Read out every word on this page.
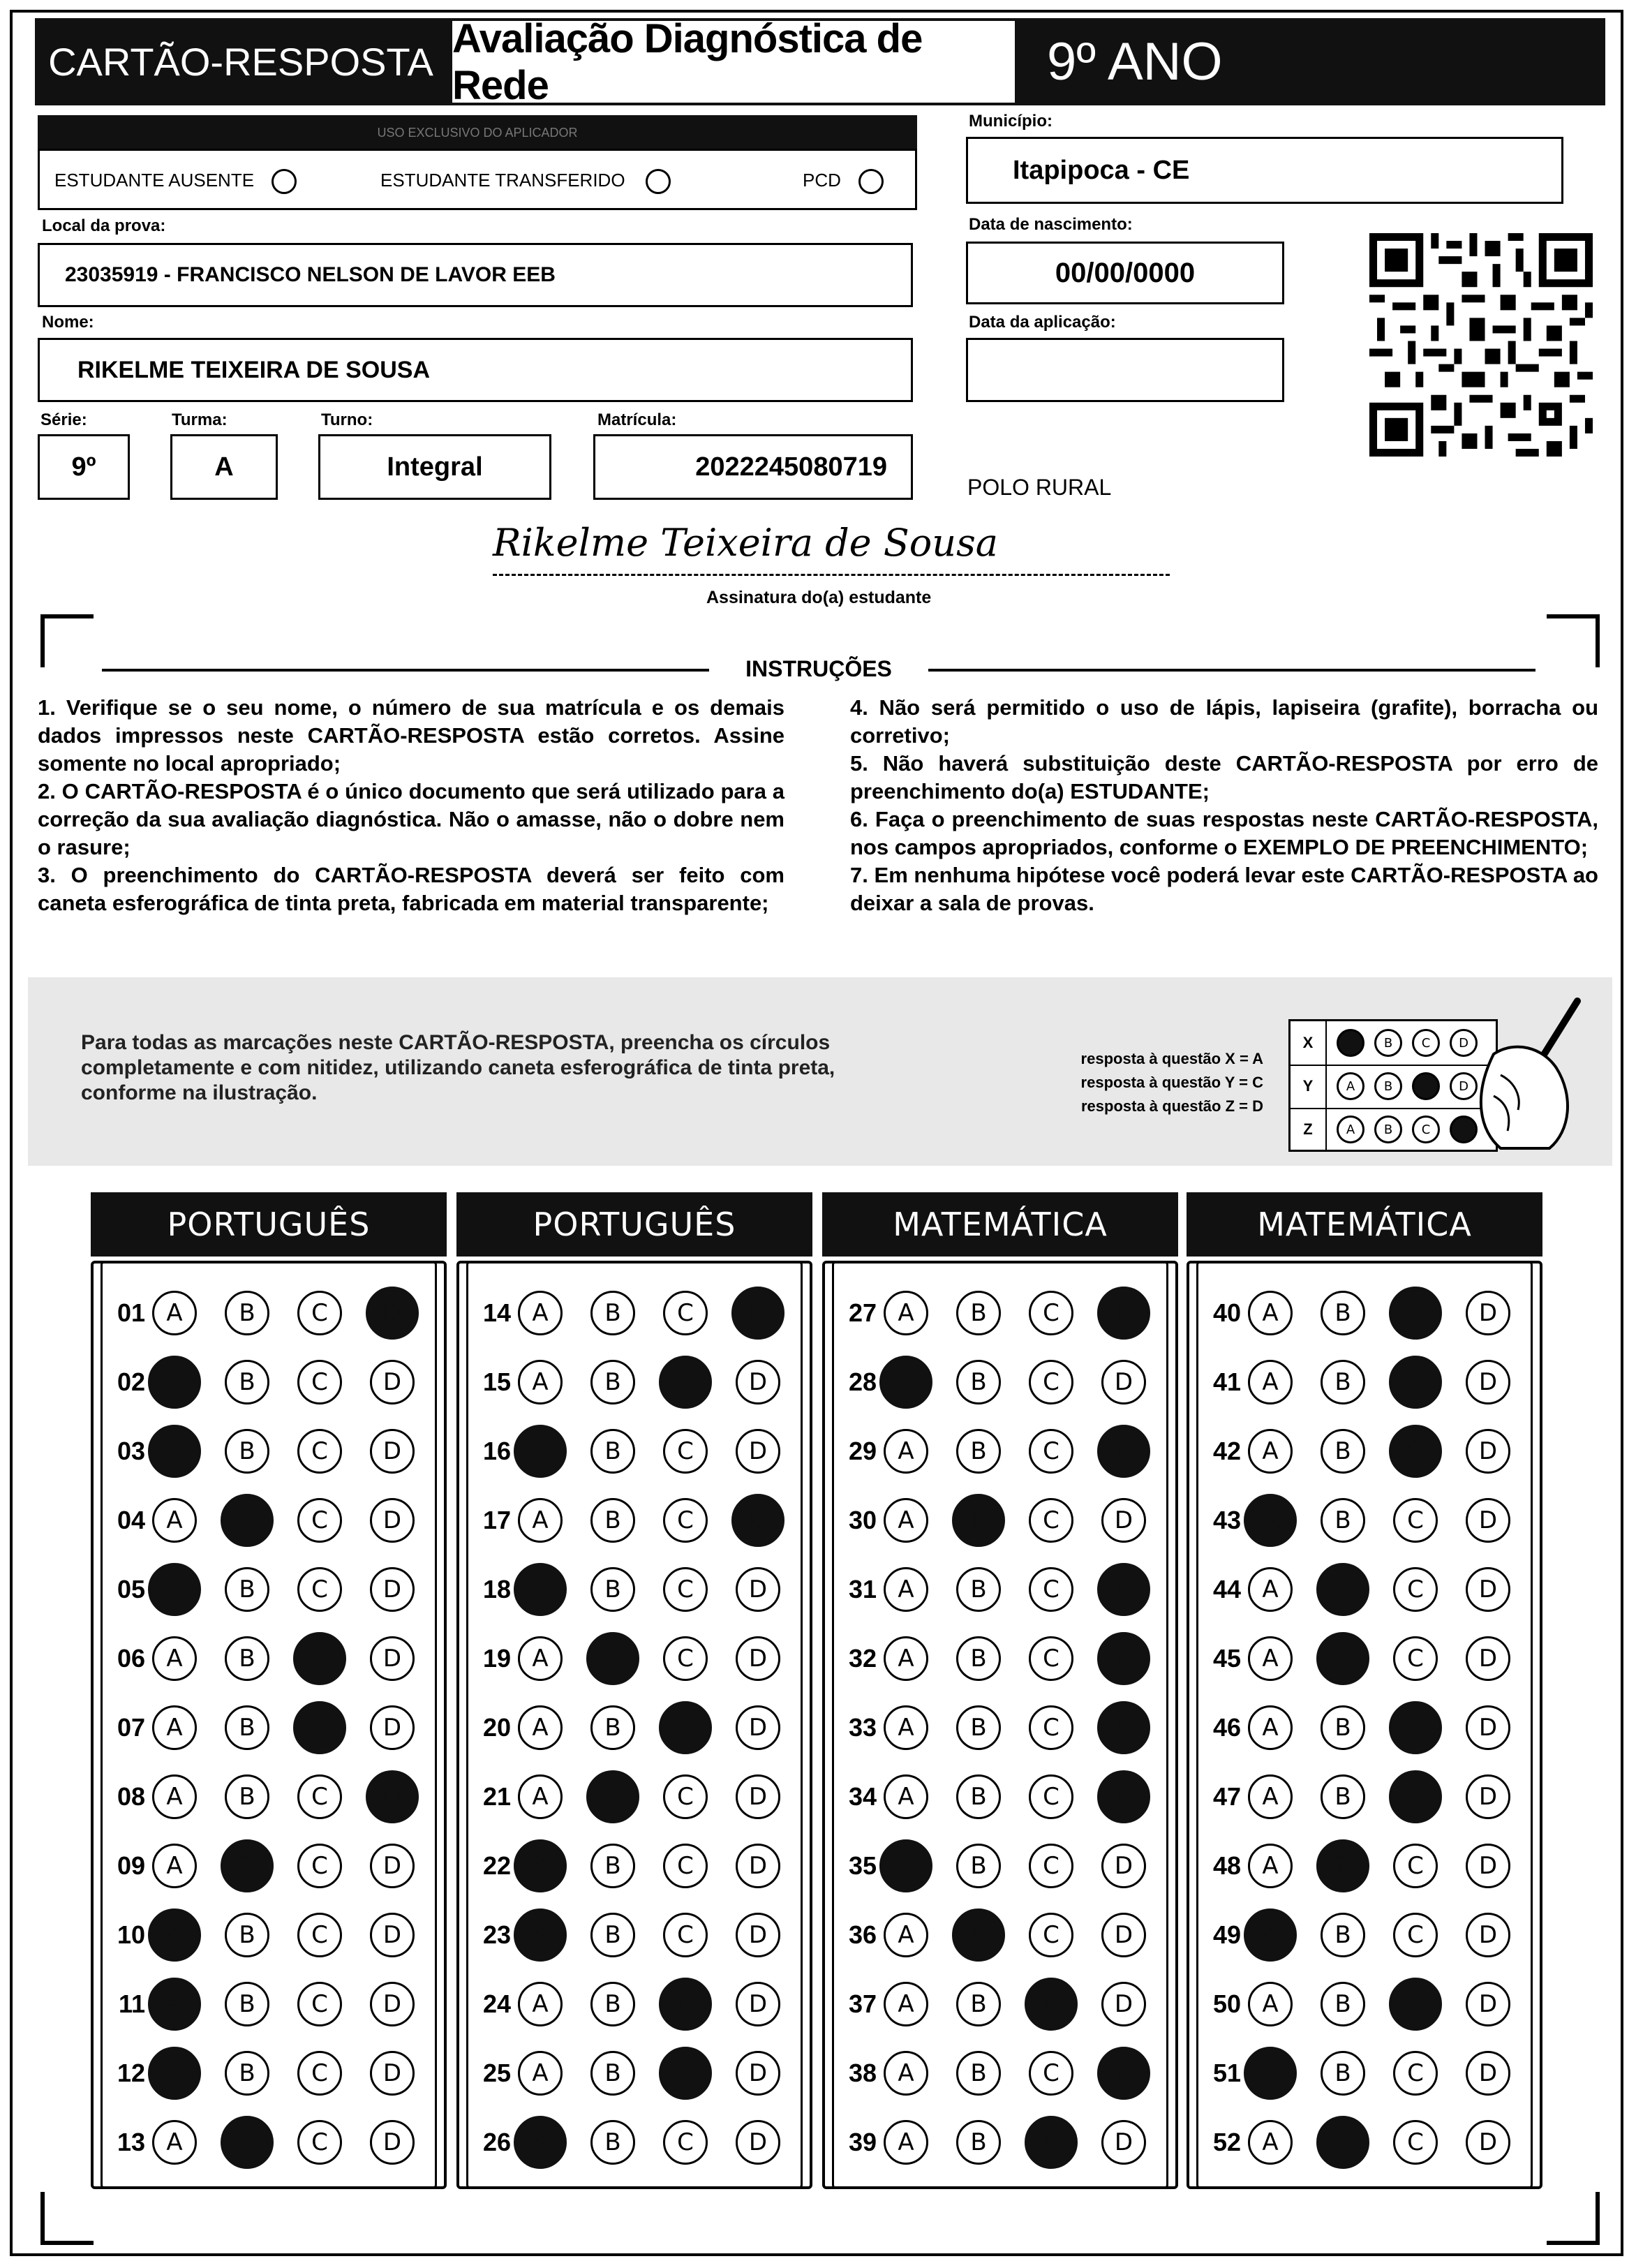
CARTÃO-RESPOSTA
Avaliação Diagnóstica de Rede	9º ANO
USO EXCLUSIVO DO APLICADOR
ESTUDANTE AUSENTE	ESTUDANTE TRANSFERIDO	PCD
Município:
Itapipoca - CE
Local da prova:
23035919 - FRANCISCO NELSON DE LAVOR EEB
Data de nascimento:
00/00/0000
Data da aplicação:
Nome:
RIKELME TEIXEIRA DE SOUSA
Série:
9º
Turma:
A
Turno:
Integral
Matrícula:
2022245080719
POLO RURAL
Rikelme Teixeira de Sousa
Assinatura do(a) estudante
INSTRUÇÕES

1. Verifique se o seu nome, o número de sua matrícula e os demais dados impressos neste CARTÃO-RESPOSTA estão corretos. Assine somente no local apropriado;

2. O CARTÃO-RESPOSTA é o único documento que será utilizado para a correção da sua avaliação diagnóstica. Não o amasse, não o dobre nem o rasure;

3. O preenchimento do CARTÃO-RESPOSTA deverá ser feito com caneta esferográfica de tinta preta, fabricada em material transparente;

4. Não será permitido o uso de lápis, lapiseira (grafite), borracha ou corretivo;

5. Não haverá substituição deste CARTÃO-RESPOSTA por erro de preenchimento do(a) ESTUDANTE;

6. Faça o preenchimento de suas respostas neste CARTÃO-RESPOSTA, nos campos apropriados, conforme o EXEMPLO DE PREENCHIMENTO;

7. Em nenhuma hipótese você poderá levar este CARTÃO-RESPOSTA ao deixar a sala de provas.

Para todas as marcações neste CARTÃO-RESPOSTA, preencha os círculos completamente e com nitidez, utilizando caneta esferográfica de tinta preta, conforme na ilustração.
resposta à questão X = A
resposta à questão Y = C
resposta à questão Z = D
X	A	B	C	D
Y	A	B	C	D
Z	A	B	C	D
PORTUGUÊS
01 A	B	C	D
02 A	B	C	D
03 A	B	C	D
04 A	B	C	D
05 A	B	C	D
06 A	B	C	D
07 A	B	C	D
08 A	B	C	D
09 A	B	C	D
10 A	B	C	D
11 A	B	C	D
12 A	B	C	D
13 A	B	C	D
PORTUGUÊS
14 A	B	C	D
15 A	B	C	D
16 A	B	C	D
17 A	B	C	D
18 A	B	C	D
19 A	B	C	D
20 A	B	C	D
21 A	B	C	D
22 A	B	C	D
23 A	B	C	D
24 A	B	C	D
25 A	B	C	D
26 A	B	C	D
MATEMÁTICA
27 A	B	C	D
28 A	B	C	D
29 A	B	C	D
30 A	B	C	D
31 A	B	C	D
32 A	B	C	D
33 A	B	C	D
34 A	B	C	D
35 A	B	C	D
36 A	B	C	D
37 A	B	C	D
38 A	B	C	D
39 A	B	C	D
MATEMÁTICA
40 A	B	C	D
41 A	B	C	D
42 A	B	C	D
43 A	B	C	D
44 A	B	C	D
45 A	B	C	D
46 A	B	C	D
47 A	B	C	D
48 A	B	C	D
49 A	B	C	D
50 A	B	C	D
51 A	B	C	D
52 A	B	C	D
